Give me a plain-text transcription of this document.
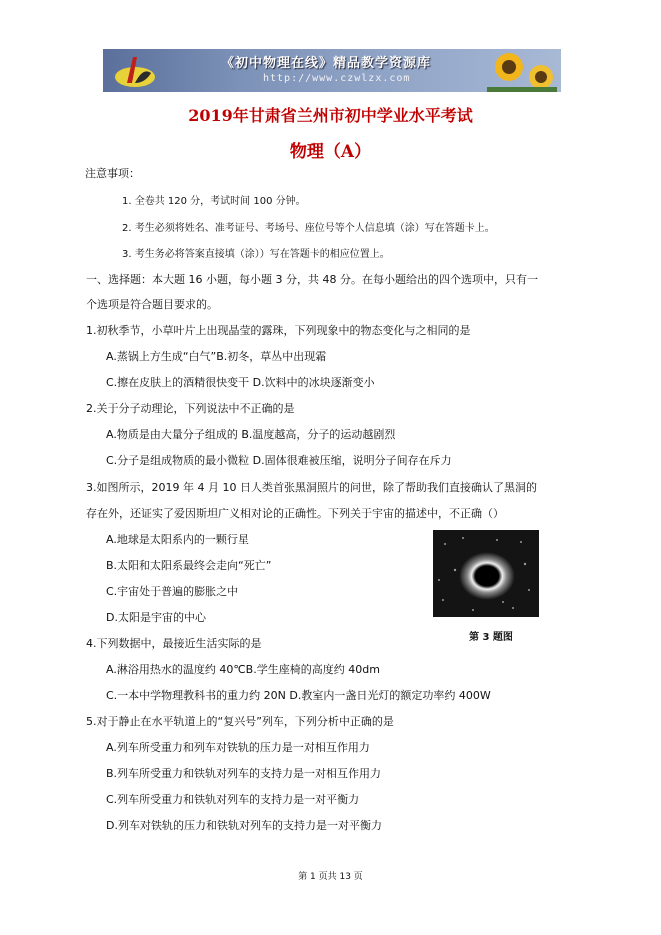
《初中物理在线》精品教学资源库
http://www.czwlzx.com
2019年甘肃省兰州市初中学业水平考试
物理（A）
注意事项：
1. 全卷共 120 分，考试时间 100 分钟。
2. 考生必须将姓名、准考证号、考场号、座位号等个人信息填（涂）写在答题卡上。
3. 考生务必将答案直接填（涂））写在答题卡的相应位置上。
一、选择题：本大题 16 小题，每小题 3 分，共 48 分。在每小题给出的四个选项中，只有一
个选项是符合题目要求的。
1.初秋季节，小草叶片上出现晶莹的露珠，下列现象中的物态变化与之相同的是
A.蒸锅上方生成“白气”B.初冬，草丛中出现霜
C.擦在皮肤上的酒精很快变干 D.饮料中的冰块逐渐变小
2.关于分子动理论，下列说法中不正确的是
A.物质是由大量分子组成的 B.温度越高，分子的运动越剧烈
C.分子是组成物质的最小微粒 D.固体很难被压缩，说明分子间存在斥力
3.如图所示，2019 年 4 月 10 日人类首张黑洞照片的问世，除了帮助我们直接确认了黑洞的
存在外，还证实了爱因斯坦广义相对论的正确性。下列关于宇宙的描述中，不正确（）
A.地球是太阳系内的一颗行星
B.太阳和太阳系最终会走向“死亡”
C.宇宙处于普遍的膨胀之中
D.太阳是宇宙的中心
第 3 题图
4.下列数据中，最接近生活实际的是
A.淋浴用热水的温度约 40℃B.学生座椅的高度约 40dm
C.一本中学物理教科书的重力约 20N D.教室内一盏日光灯的额定功率约 400W
5.对于静止在水平轨道上的“复兴号”列车，下列分析中正确的是
A.列车所受重力和列车对铁轨的压力是一对相互作用力
B.列车所受重力和铁轨对列车的支持力是一对相互作用力
C.列车所受重力和铁轨对列车的支持力是一对平衡力
D.列车对铁轨的压力和铁轨对列车的支持力是一对平衡力
第 1 页共 13 页
